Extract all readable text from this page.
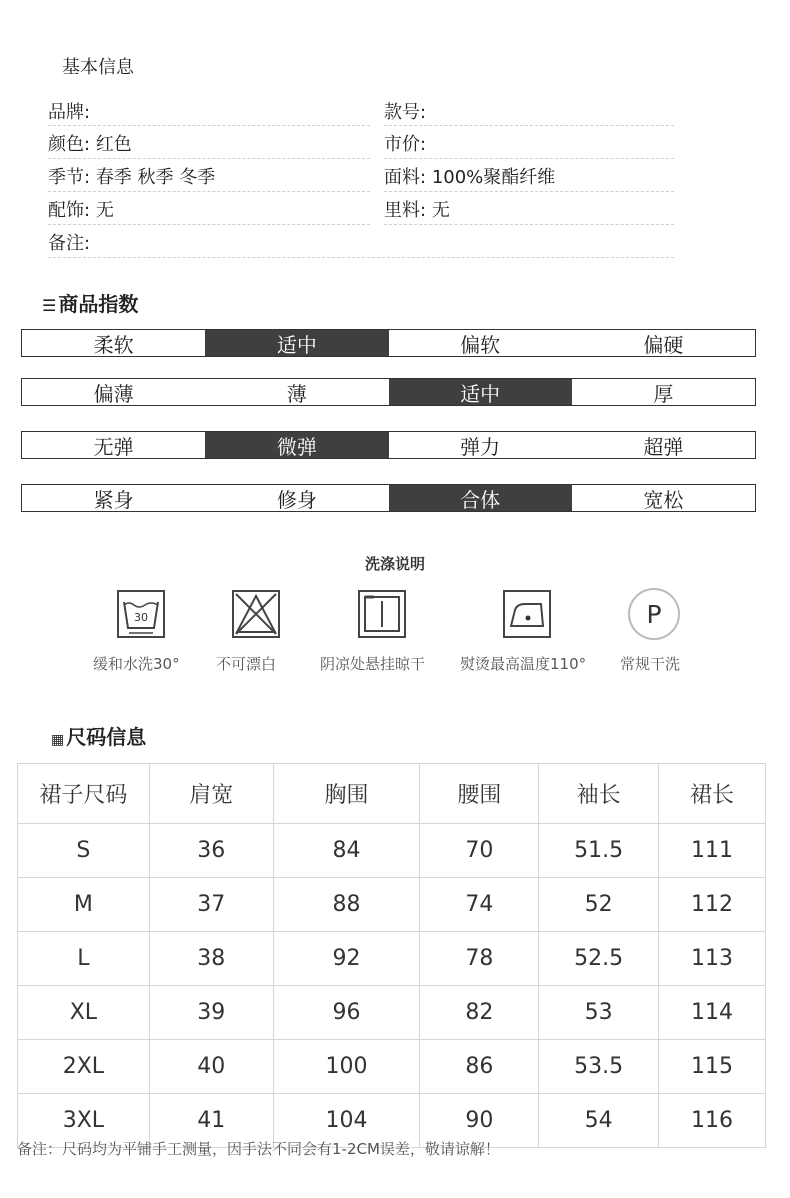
基本信息
品牌:	款号:
颜色: 红色	市价:
季节: 春季 秋季 冬季	面料: 100%聚酯纤维
配饰: 无	里料: 无
备注:
☰ 商品指数
柔软	适中	偏软	偏硬
偏薄	薄	适中	厚
无弹	微弹	弹力	超弹
紧身	修身	合体	宽松
洗涤说明
30	P
缓和水洗30° 不可漂白	阴凉处悬挂晾干 熨烫最高温度110° 常规干洗
▦ 尺码信息
裙子尺码	肩宽	胸围	腰围	袖长	裙长
S	36	84	70	51.5	111
M	37	88	74	52	112
L	38	92	78	52.5	113
XL	39	96	82	53	114
2XL	40	100	86	53.5	115
3XL	41	104	90	54	116
备注：尺码均为平铺手工测量，因手法不同会有1-2CM误差，敬请谅解！
